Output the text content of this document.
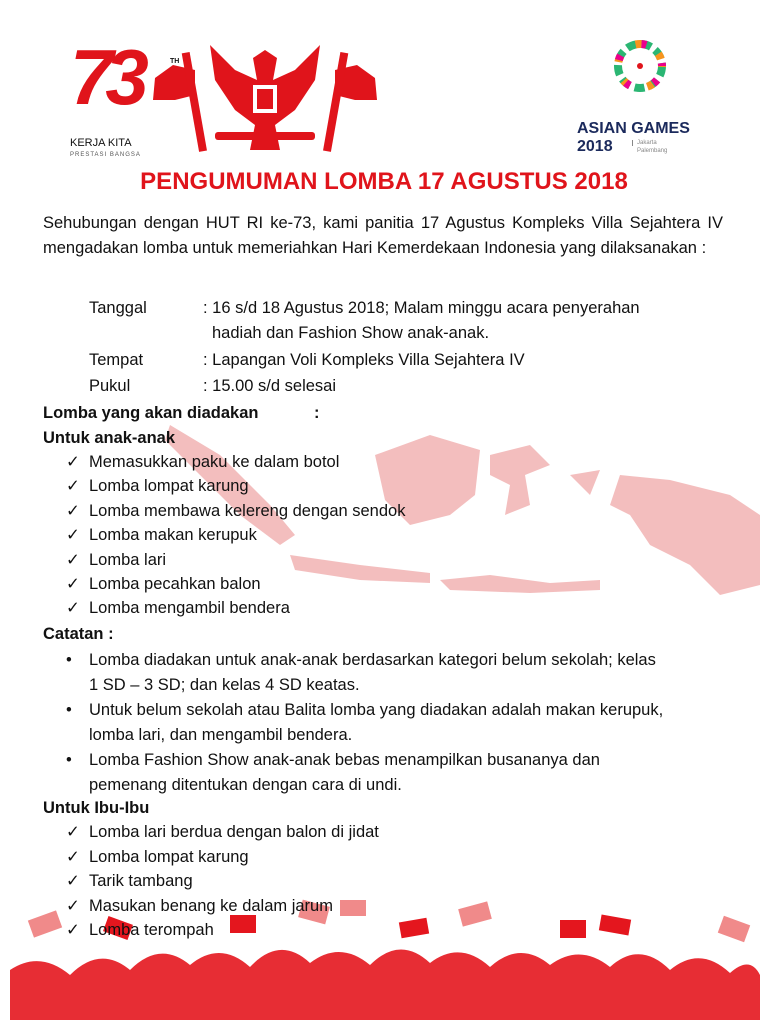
73	TH
KERJA KITA
PRESTASI BANGSA
ASIAN GAMES
2018	Jakarta
Palembang
PENGUMUMAN LOMBA 17 AGUSTUS 2018
Sehubungan dengan HUT RI ke-73, kami panitia 17 Agustus Kompleks Villa Sejahtera IV mengadakan lomba untuk memeriahkan Hari Kemerdekaan Indonesia yang dilaksanakan :
Tanggal	: 16 s/d 18 Agustus 2018; Malam minggu acara penyerahan
hadiah dan Fashion Show anak-anak.
Tempat	: Lapangan Voli Kompleks Villa Sejahtera IV
Pukul	: 15.00 s/d selesai
Lomba yang akan diadakan	:
Untuk anak-anak
✓ Memasukkan paku ke dalam botol
✓ Lomba lompat karung
✓ Lomba membawa kelereng dengan sendok
✓ Lomba makan kerupuk
✓ Lomba lari
✓ Lomba pecahkan balon
✓ Lomba mengambil bendera
Catatan :
• Lomba diadakan untuk anak-anak berdasarkan kategori belum sekolah; kelas
1 SD – 3 SD; dan kelas 4 SD keatas.
• Untuk belum sekolah atau Balita lomba yang diadakan adalah makan kerupuk,
lomba lari, dan mengambil bendera.
• Lomba Fashion Show anak-anak bebas menampilkan busananya dan
pemenang ditentukan dengan cara di undi.
Untuk Ibu-Ibu
✓ Lomba lari berdua dengan balon di jidat
✓ Lomba lompat karung
✓ Tarik tambang
✓ Masukan benang ke dalam jarum
✓ Lomba terompah
